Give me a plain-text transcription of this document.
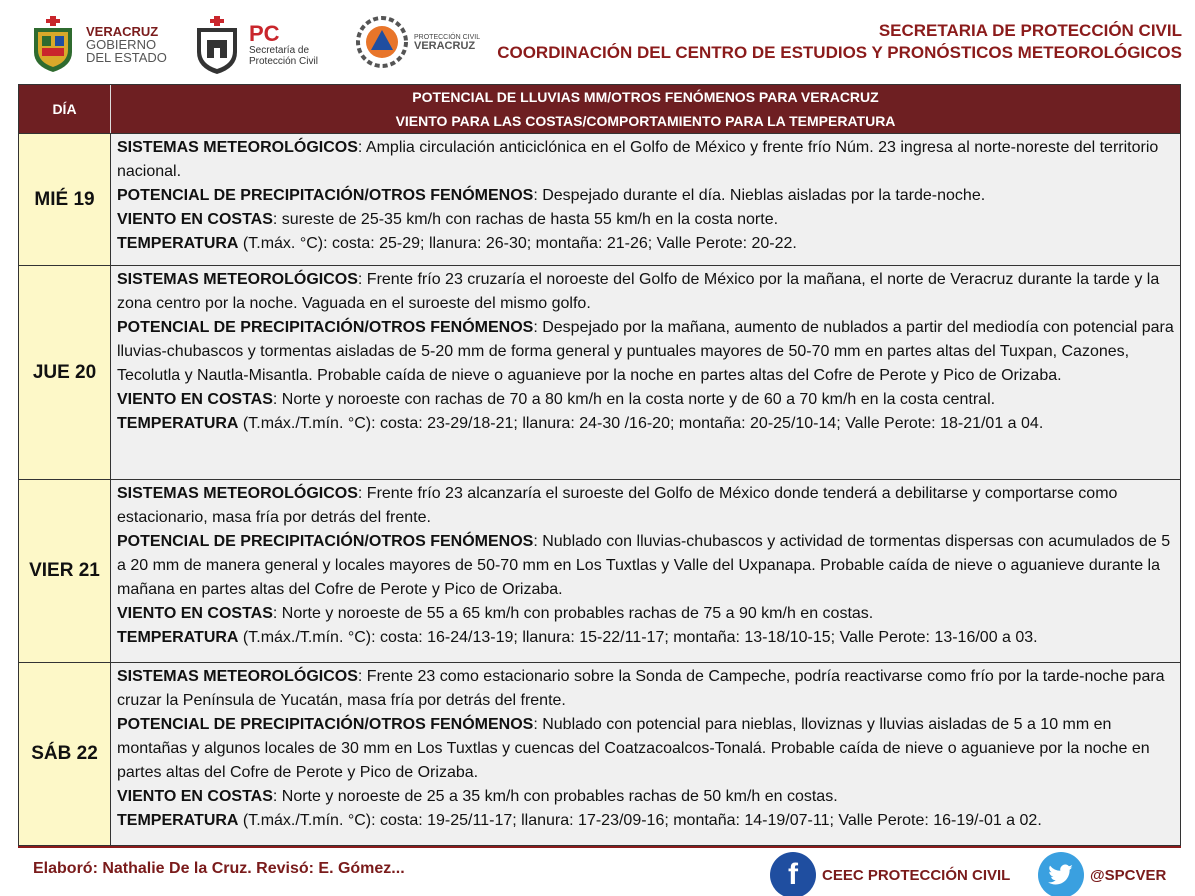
VERACRUZ
GOBIERNO
DEL ESTADO
PC
Secretaría de
Protección Civil
PROTECCIÓN CIVIL
VERACRUZ
SECRETARIA DE PROTECCIÓN CIVIL
COORDINACIÓN DEL CENTRO DE ESTUDIOS Y PRONÓSTICOS METEOROLÓGICOS
DÍA
POTENCIAL DE LLUVIAS MM/OTROS FENÓMENOS PARA VERACRUZ
VIENTO PARA LAS COSTAS/COMPORTAMIENTO PARA LA TEMPERATURA
MIÉ 19

SISTEMAS METEOROLÓGICOS: Amplia circulación anticiclónica en el Golfo de México y frente frío Núm. 23 ingresa al norte-noreste del territorio nacional.

POTENCIAL DE PRECIPITACIÓN/OTROS FENÓMENOS: Despejado durante el día. Nieblas aisladas por la tarde-noche.

VIENTO EN COSTAS: sureste de 25-35 km/h con rachas de hasta 55 km/h en la costa norte.

TEMPERATURA (T.máx. °C): costa: 25-29; llanura: 26-30; montaña: 21-26; Valle Perote: 20-22.

JUE 20

SISTEMAS METEOROLÓGICOS: Frente frío 23 cruzaría el noroeste del Golfo de México por la mañana, el norte de Veracruz durante la tarde y la zona centro por la noche. Vaguada en el suroeste del mismo golfo.

POTENCIAL DE PRECIPITACIÓN/OTROS FENÓMENOS: Despejado por la mañana, aumento de nublados a partir del mediodía con potencial para lluvias-chubascos y tormentas aisladas de 5-20 mm de forma general y puntuales mayores de 50-70 mm en partes altas del Tuxpan, Cazones, Tecolutla y Nautla-Misantla. Probable caída de nieve o aguanieve por la noche en partes altas del Cofre de Perote y Pico de Orizaba.

VIENTO EN COSTAS: Norte y noroeste con rachas de 70 a 80 km/h en la costa norte y de 60 a 70 km/h en la costa central.

TEMPERATURA (T.máx./T.mín. °C): costa: 23-29/18-21; llanura: 24-30 /16-20; montaña: 20-25/10-14; Valle Perote: 18-21/01 a 04.

VIER 21

SISTEMAS METEOROLÓGICOS: Frente frío 23 alcanzaría el suroeste del Golfo de México donde tenderá a debilitarse y comportarse como estacionario, masa fría por detrás del frente.

POTENCIAL DE PRECIPITACIÓN/OTROS FENÓMENOS: Nublado con lluvias-chubascos y actividad de tormentas dispersas con acumulados de 5 a 20 mm de manera general y locales mayores de 50-70 mm en Los Tuxtlas y Valle del Uxpanapa. Probable caída de nieve o aguanieve durante la mañana en partes altas del Cofre de Perote y Pico de Orizaba.

VIENTO EN COSTAS: Norte y noroeste de 55 a 65 km/h con probables rachas de 75 a 90 km/h en costas.

TEMPERATURA (T.máx./T.mín. °C): costa: 16-24/13-19; llanura: 15-22/11-17; montaña: 13-18/10-15; Valle Perote: 13-16/00 a 03.

SÁB 22

SISTEMAS METEOROLÓGICOS: Frente 23 como estacionario sobre la Sonda de Campeche, podría reactivarse como frío por la tarde-noche para cruzar la Península de Yucatán, masa fría por detrás del frente.

POTENCIAL DE PRECIPITACIÓN/OTROS FENÓMENOS: Nublado con potencial para nieblas, lloviznas y lluvias aisladas de 5 a 10 mm en montañas y algunos locales de 30 mm en Los Tuxtlas y cuencas del Coatzacoalcos-Tonalá. Probable caída de nieve o aguanieve por la noche en partes altas del Cofre de Perote y Pico de Orizaba.

VIENTO EN COSTAS: Norte y noroeste de 25 a 35 km/h con probables rachas de 50 km/h en costas.

TEMPERATURA (T.máx./T.mín. °C): costa: 19-25/11-17; llanura: 17-23/09-16; montaña: 14-19/07-11; Valle Perote: 16-19/-01 a 02.

Elaboró: Nathalie De la Cruz. Revisó: E. Gómez...	f	CEEC PROTECCIÓN CIVIL	@SPCVER
